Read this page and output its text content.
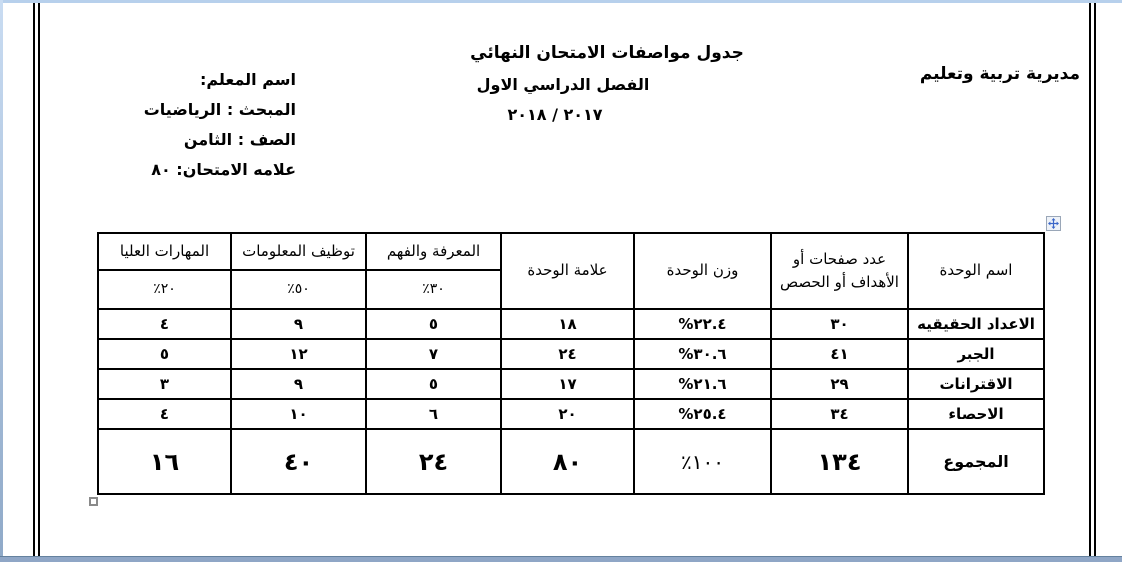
مديرية تربية وتعليم
جدول مواصفات الامتحان النهائي
الفصل الدراسي الاول
٢٠١٧ / ٢٠١٨
اسم المعلم:
المبحث : الرياضيات
الصف : الثامن
علامه الامتحان: ٨٠
اسم الوحدة	عدد صفحات أو الأهداف أو الحصص	وزن الوحدة	علامة الوحدة	المعرفة والفهم	توظيف المعلومات	المهارات العليا
				٣٠٪	٥٠٪	٢٠٪
الاعداد الحقيقيه	٣٠	٢٢.٤%	١٨	٥	٩	٤
الجبر	٤١	٣٠.٦%	٢٤	٧	١٢	٥
الاقترانات	٢٩	٢١.٦%	١٧	٥	٩	٣
الاحصاء	٣٤	٢٥.٤%	٢٠	٦	١٠	٤
المجموع	١٣٤	١٠٠٪	٨٠	٢٤	٤٠	١٦
